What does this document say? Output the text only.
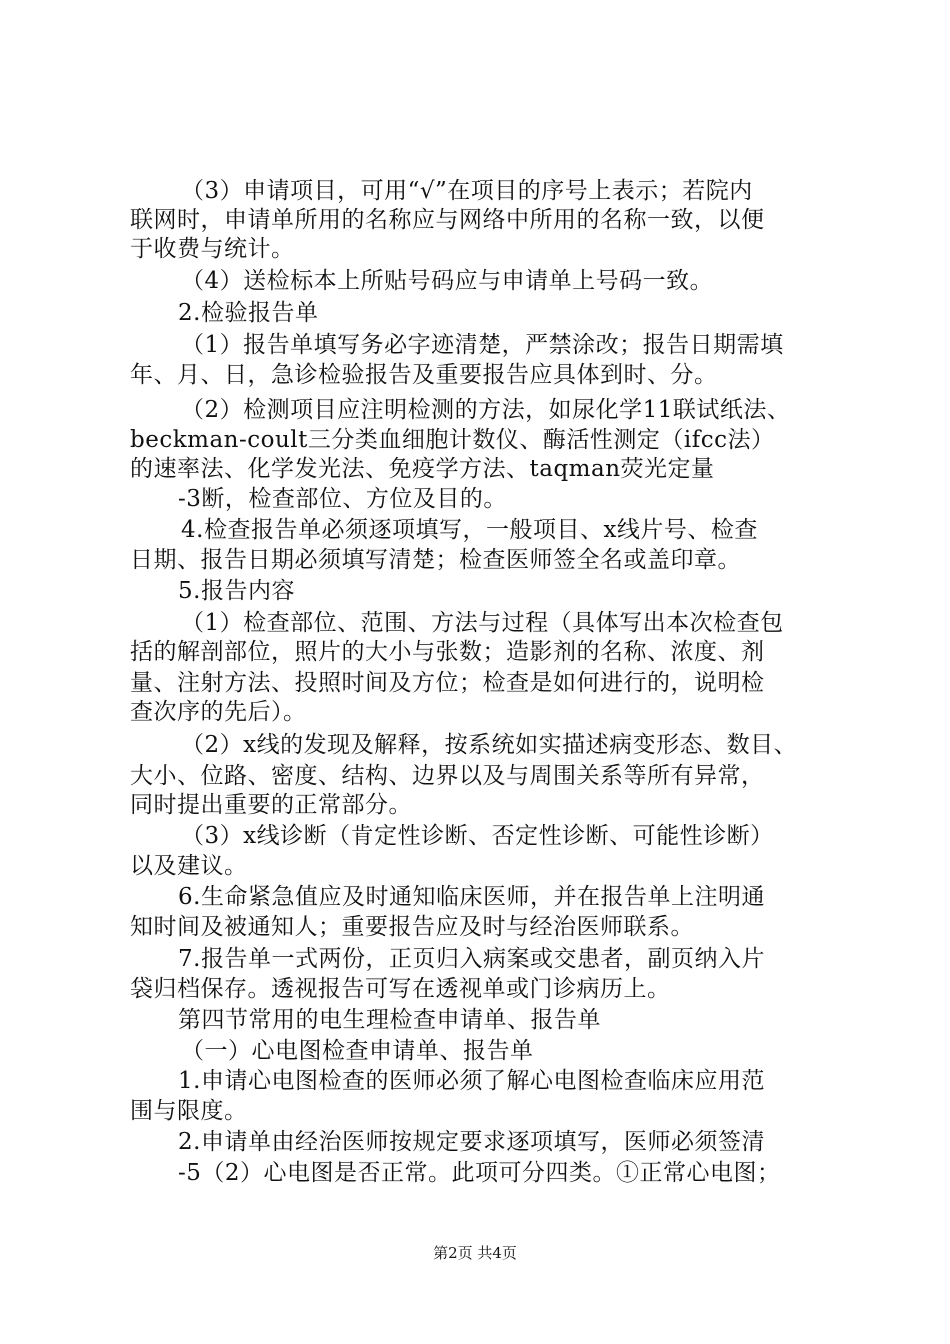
（3）申请项目，可用“√”在项目的序号上表示；若院内
联网时，申请单所用的名称应与网络中所用的名称一致，以便
于收费与统计。
（4）送检标本上所贴号码应与申请单上号码一致。
2.检验报告单
（1）报告单填写务必字迹清楚，严禁涂改；报告日期需填
年、月、日，急诊检验报告及重要报告应具体到时、分。
（2）检测项目应注明检测的方法，如尿化学11联试纸法、
beckman-coult三分类血细胞计数仪、酶活性测定（ifcc法）
的速率法、化学发光法、免疫学方法、taqman荧光定量
-3断，检查部位、方位及目的。
4.检查报告单必须逐项填写，一般项目、x线片号、检查
日期、报告日期必须填写清楚；检查医师签全名或盖印章。
5.报告内容
（1）检查部位、范围、方法与过程（具体写出本次检查包
括的解剖部位，照片的大小与张数；造影剂的名称、浓度、剂
量、注射方法、投照时间及方位；检查是如何进行的，说明检
查次序的先后）。
（2）x线的发现及解释，按系统如实描述病变形态、数目、
大小、位路、密度、结构、边界以及与周围关系等所有异常，
同时提出重要的正常部分。
（3）x线诊断（肯定性诊断、否定性诊断、可能性诊断）
以及建议。
6.生命紧急值应及时通知临床医师，并在报告单上注明通
知时间及被通知人；重要报告应及时与经治医师联系。
7.报告单一式两份，正页归入病案或交患者，副页纳入片
袋归档保存。透视报告可写在透视单或门诊病历上。
第四节常用的电生理检查申请单、报告单
（一）心电图检查申请单、报告单
1.申请心电图检查的医师必须了解心电图检查临床应用范
围与限度。
2.申请单由经治医师按规定要求逐项填写，医师必须签清
-5（2）心电图是否正常。此项可分四类。①正常心电图；
第2页 共4页
